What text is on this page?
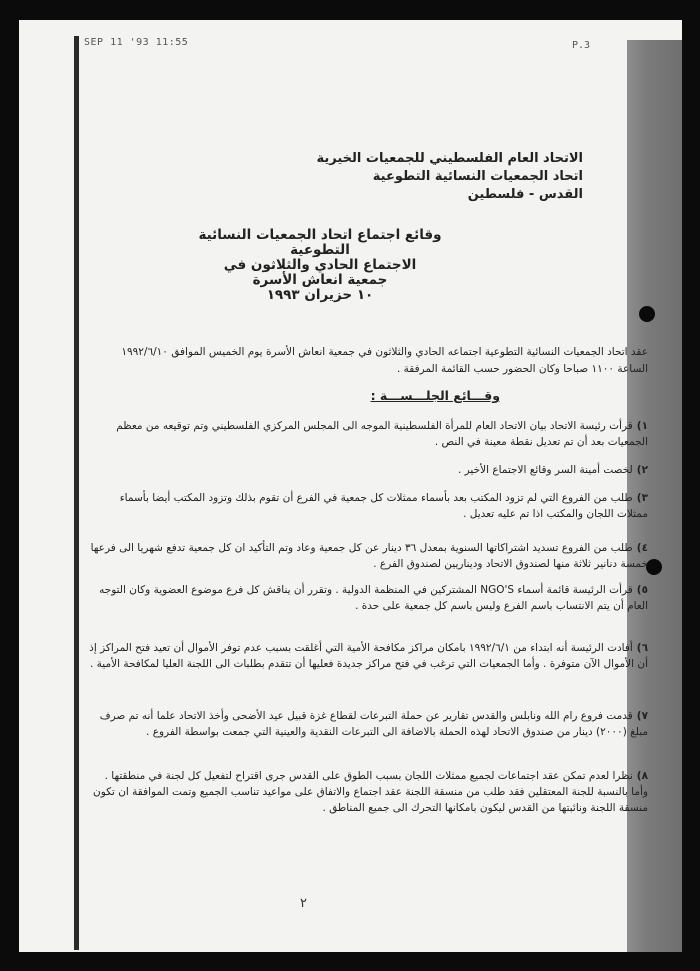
SEP 11 '93 11:55	P.3
الاتحاد العام الفلسطيني للجمعيات الخيرية
اتحاد الجمعيات النسائية التطوعية
القدس - فلسطين
وقائع اجتماع اتحاد الجمعيات النسائية التطوعية
الاجتماع الحادي والثلاثون في
جمعية انعاش الأسرة
١٠ حزيران ١٩٩٣
عقد اتحاد الجمعيات النسائية التطوعية اجتماعه الحادي والثلاثون في جمعية انعاش الأسرة يوم الخميس الموافق ١٩٩٢/٦/١٠ الساعة ١١٠٠ صباحا وكان الحضور حسب القائمة المرفقة .
وقـــائع الجلـــســـة :
١)قرأت رئيسة الاتحاد بيان الاتحاد العام للمرأة الفلسطينية الموجه الى المجلس المركزي الفلسطيني وتم توقيعه من معظم الجمعيات بعد أن تم تعديل نقطة معينة في النص .
٢)لخصت أمينة السر وقائع الاجتماع الأخير .
٣)طلب من الفروع التي لم تزود المكتب بعد بأسماء ممثلات كل جمعية في الفرع أن تقوم بذلك وتزود المكتب أيضا بأسماء ممثلات اللجان والمكتب اذا تم عليه تعديل .
٤)طلب من الفروع تسديد اشتراكاتها السنوية بمعدل ٣٦ دينار عن كل جمعية وعاد وتم التأكيد ان كل جمعية تدفع شهريا الى فرعها خمسة دنانير ثلاثة منها لصندوق الاتحاد وديناريين لصندوق الفرع .
٥)قرأت الرئيسة قائمة أسماء NGO'S المشتركين في المنظمة الدولية . وتقرر أن يناقش كل فرع موضوع العضوية وكان التوجه العام أن يتم الانتساب باسم الفرع وليس باسم كل جمعية على حدة .
٦)أفادت الرئيسة أنه ابتداء من ١٩٩٢/٦/١ بامكان مراكز مكافحة الأمية التي أغلقت بسبب عدم توفر الأموال أن تعيد فتح المراكز إذ أن الأموال الآن متوفرة . وأما الجمعيات التي ترغب في فتح مراكز جديدة فعليها أن تتقدم بطلبات الى اللجنة العليا لمكافحة الأمية .
٧)قدمت فروع رام الله ونابلس والقدس تقارير عن حملة التبرعات لقطاع غزة قبيل عيد الأضحى وأخذ الاتحاد علما أنه تم صرف مبلغ (٢٠٠٠) دينار من صندوق الاتحاد لهذه الحملة بالاضافة الى التبرعات النقدية والعينية التي جمعت بواسطة الفروع .
٨)نظرا لعدم تمكن عقد اجتماعات لجميع ممثلات اللجان بسبب الطوق على القدس جرى اقتراح لتفعيل كل لجنة في منطقتها . وأما بالنسبة للجنة المعتقلين فقد طلب من منسقة اللجنة عقد اجتماع والاتفاق على مواعيد تناسب الجميع وتمت الموافقة ان تكون منسقة اللجنة ونائبتها من القدس ليكون بامكانها التحرك الى جميع المناطق .
٢
